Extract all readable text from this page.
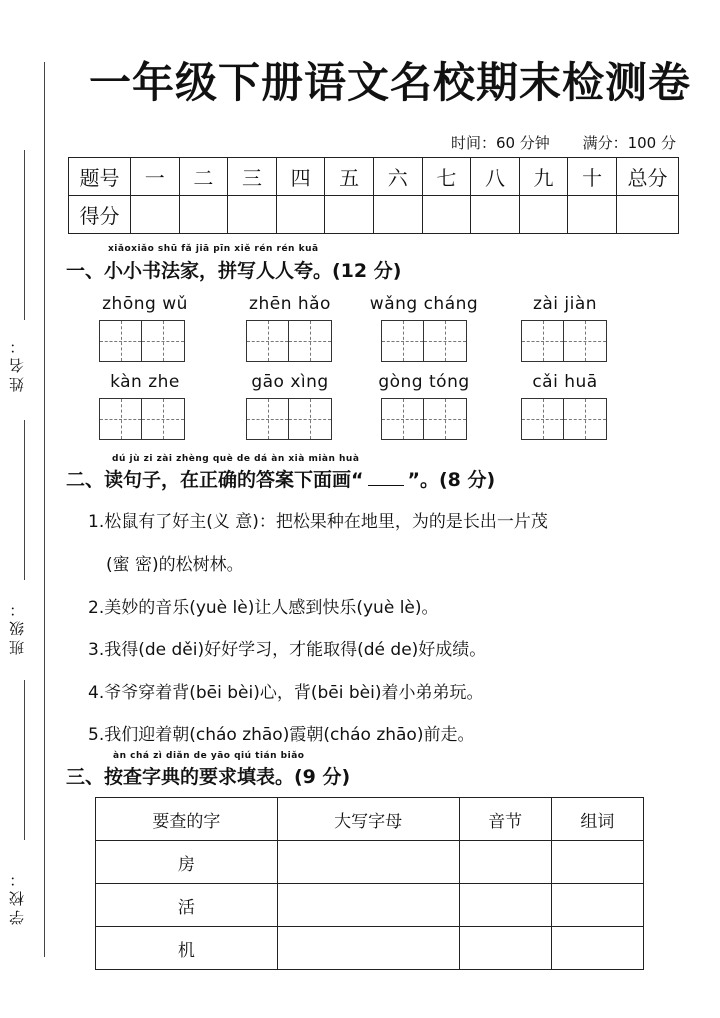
姓名：
班级：
学校：
一年级下册语文名校期末检测卷
时间：60 分钟 满分：100 分
题号	一	二	三	四	五	六	七	八	九	十	总分
得分											
xiǎoxiǎo shū fǎ jiā pīn xiě rén rén kuā
一、小小书法家，拼写人人夸。(12 分)
zhōng wǔ	zhēn hǎo	wǎng cháng	zài jiàn
kàn zhe	gāo xìng	gòng tóng	cǎi huā
dú jù zi zài zhèng què de dá àn xià miàn huà
二、读句子，在正确的答案下面画“ ”。(8 分)
1.松鼠有了好主(义 意)：把松果种在地里，为的是长出一片茂
(蜜 密)的松树林。
2.美妙的音乐(yuè lè)让人感到快乐(yuè lè)。
3.我得(de děi)好好学习，才能取得(dé de)好成绩。
4.爷爷穿着背(bēi bèi)心，背(bēi bèi)着小弟弟玩。
5.我们迎着朝(cháo zhāo)霞朝(cháo zhāo)前走。
àn chá zì diǎn de yāo qiú tián biǎo
三、按查字典的要求填表。(9 分)
要查的字	大写字母	音节	组词
房			
活			
机			
